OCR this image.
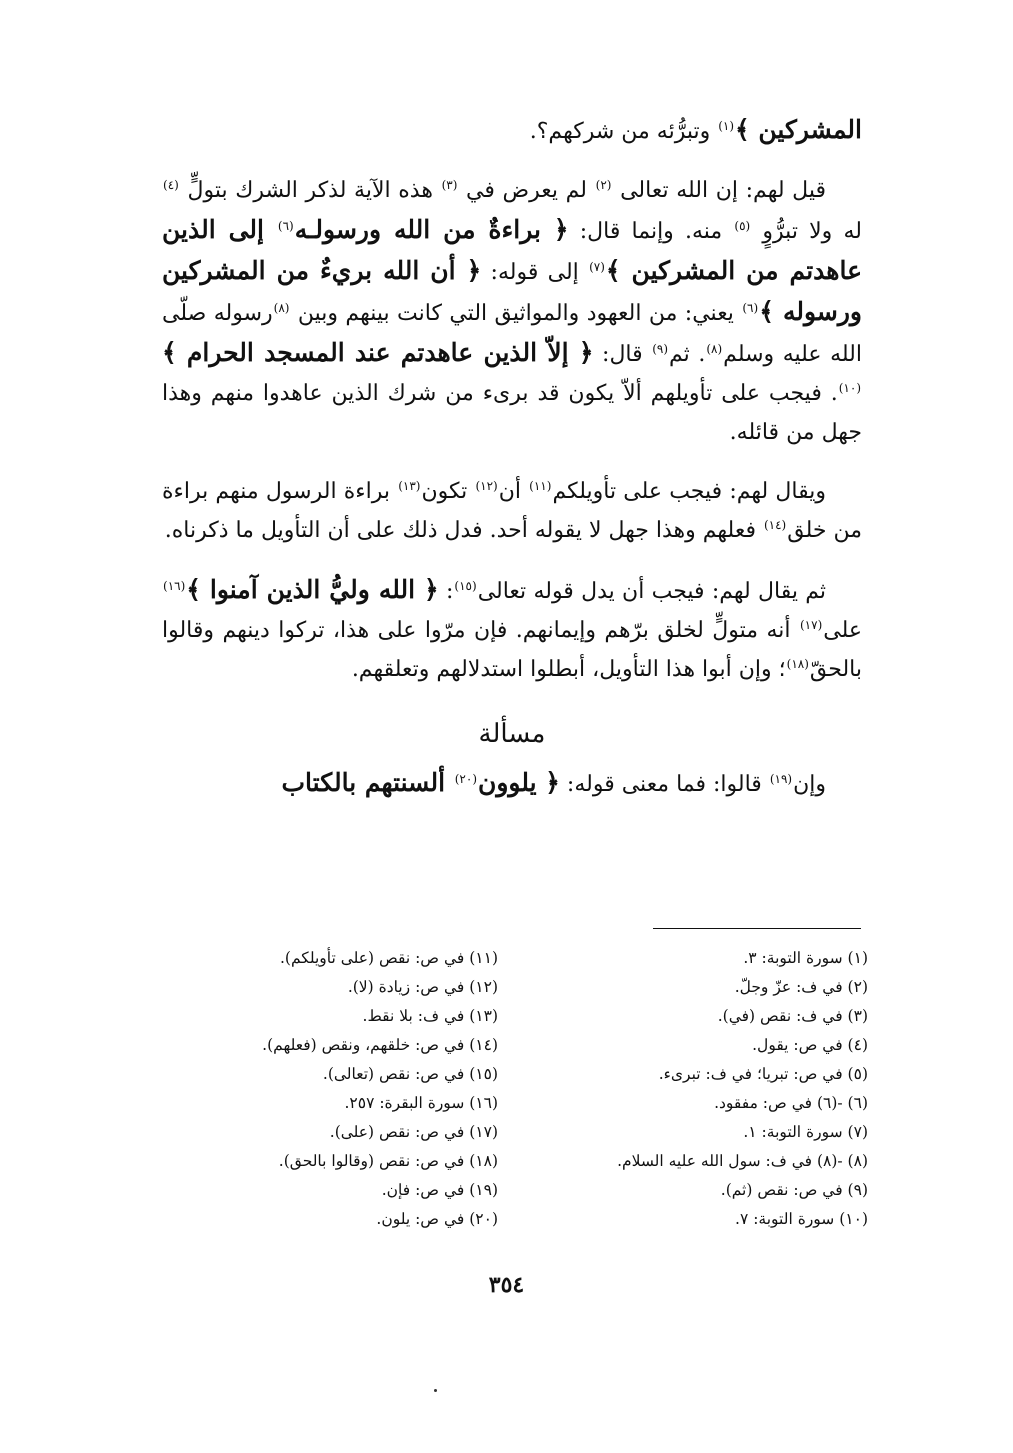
المشركين ﴾$^{(١)}$ وتبرُّئه من شركهم؟.

قيل لهم: إن الله تعالى $^{(٢)}$ لم يعرض في $^{(٣)}$ هذه الآية لذكر الشرك بتولٍّ $^{(٤)}$ له ولا تبرُّوٍ $^{(٥)}$ منه. وإنما قال: ﴿ براءةٌ من الله ورسولـه$^{(٦)}$ إلى الذين عاهدتم من المشركين ﴾$^{(٧)}$ إلى قوله: ﴿ أن الله بريءٌ من المشركين ورسوله ﴾$^{(٦)}$ يعني: من العهود والمواثيق التي كانت بينهم وبين $^{(٨)}$رسوله صلّى الله عليه وسلم$^{(٨)}$. ثم$^{(٩)}$ قال: ﴿ إلاّ الذين عاهدتم عند المسجد الحرام ﴾$^{(١٠)}$. فيجب على تأويلهم ألاّ يكون قد برىء من شرك الذين عاهدوا منهم وهذا جهل من قائله.

ويقال لهم: فيجب على تأويلكم$^{(١١)}$ أن$^{(١٢)}$ تكون$^{(١٣)}$ براءة الرسول منهم براءة من خلق$^{(١٤)}$ فعلهم وهذا جهل لا يقوله أحد. فدل ذلك على أن التأويل ما ذكرناه.

ثم يقال لهم: فيجب أن يدل قوله تعالى$^{(١٥)}$: ﴿ الله وليُّ الذين آمنوا ﴾$^{(١٦)}$ على$^{(١٧)}$ أنه متولٍّ لخلق برّهم وإيمانهم. فإن مرّوا على هذا، تركوا دينهم وقالوا بالحقّ$^{(١٨)}$؛ وإن أبوا هذا التأويل، أبطلوا استدلالهم وتعلقهم.

مسألة

وإن$^{(١٩)}$ قالوا: فما معنى قوله: ﴿ يلوون$^{(٢٠)}$ ألسنتهم بالكتاب

(١) سورة التوبة: ٣.
(٢) في ف: عزّ وجلّ.
(٣) في ف: نقص (في).
(٤) في ص: يقول.
(٥) في ص: تبريا؛ في ف: تبرىء.
(٦) -(٦) في ص: مفقود.
(٧) سورة التوبة: ١.
(٨) -(٨) في ف: سول الله عليه السلام.
(٩) في ص: نقص (ثم).
(١٠) سورة التوبة: ٧.
(١١) في ص: نقص (على تأويلكم).
(١٢) في ص: زيادة (لا).
(١٣) في ف: بلا نقط.
(١٤) في ص: خلقهم، ونقص (فعلهم).
(١٥) في ص: نقص (تعالى).
(١٦) سورة البقرة: ٢٥٧.
(١٧) في ص: نقص (على).
(١٨) في ص: نقص (وقالوا بالحق).
(١٩) في ص: فإن.
(٢٠) في ص: يلون.
٣٥٤
